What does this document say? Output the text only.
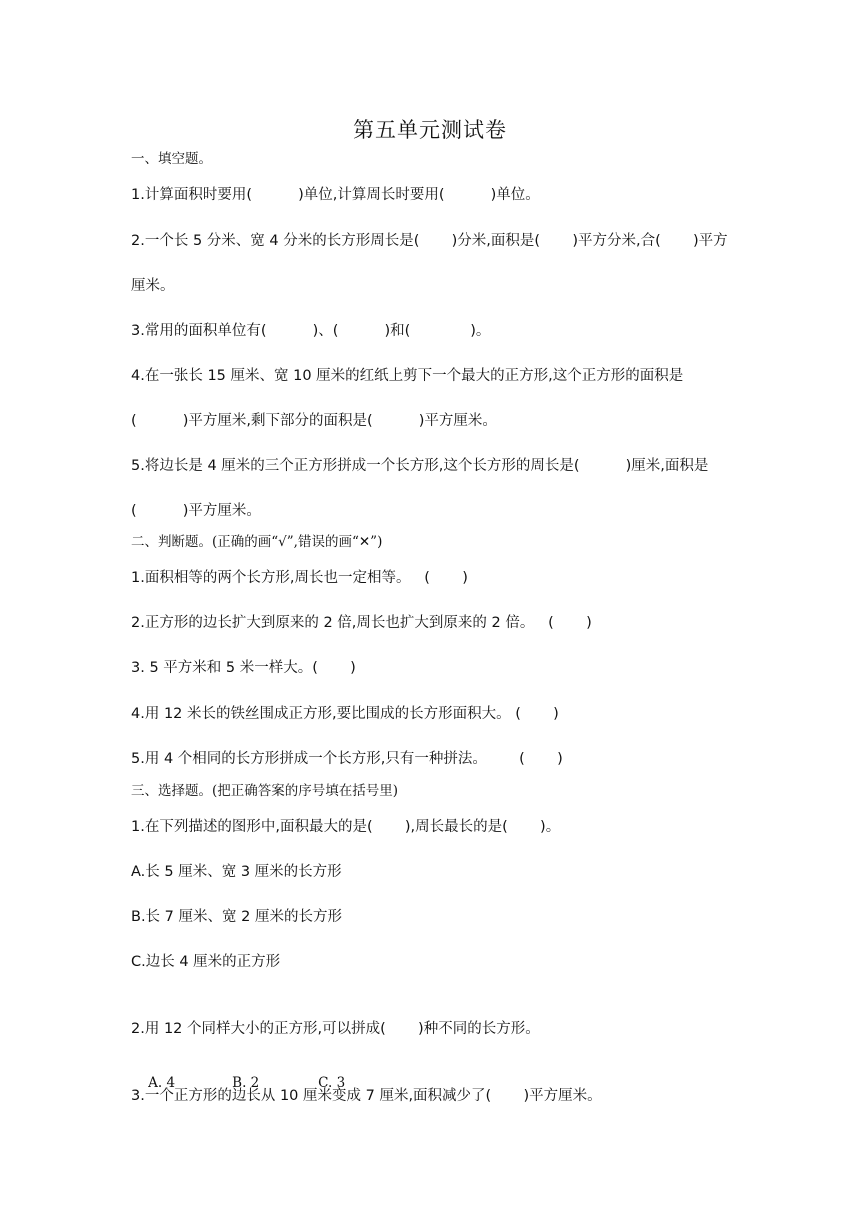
第五单元测试卷
一、填空题。
1.计算面积时要用(          )单位,计算周长时要用(          )单位。
2.一个长 5 分米、宽 4 分米的长方形周长是(       )分米,面积是(       )平方分米,合(       )平方
厘米。
3.常用的面积单位有(          )、(          )和(             )。
4.在一张长 15 厘米、宽 10 厘米的红纸上剪下一个最大的正方形,这个正方形的面积是
(          )平方厘米,剩下部分的面积是(          )平方厘米。
5.将边长是 4 厘米的三个正方形拼成一个长方形,这个长方形的周长是(          )厘米,面积是
(          )平方厘米。
二、判断题。(正确的画“√”,错误的画“✕”)
1.面积相等的两个长方形,周长也一定相等。   (       )
2.正方形的边长扩大到原来的 2 倍,周长也扩大到原来的 2 倍。   (       )
3. 5 平方米和 5 米一样大。(       )
4.用 12 米长的铁丝围成正方形,要比围成的长方形面积大。 (       )
5.用 4 个相同的长方形拼成一个长方形,只有一种拼法。       (       )
三、选择题。(把正确答案的序号填在括号里)
1.在下列描述的图形中,面积最大的是(       ),周长最长的是(       )。
A.长 5 厘米、宽 3 厘米的长方形
B.长 7 厘米、宽 2 厘米的长方形
C.边长 4 厘米的正方形
2.用 12 个同样大小的正方形,可以拼成(       )种不同的长方形。

A. 4	B. 2	C. 3

3.一个正方形的边长从 10 厘米变成 7 厘米,面积减少了(       )平方厘米。
